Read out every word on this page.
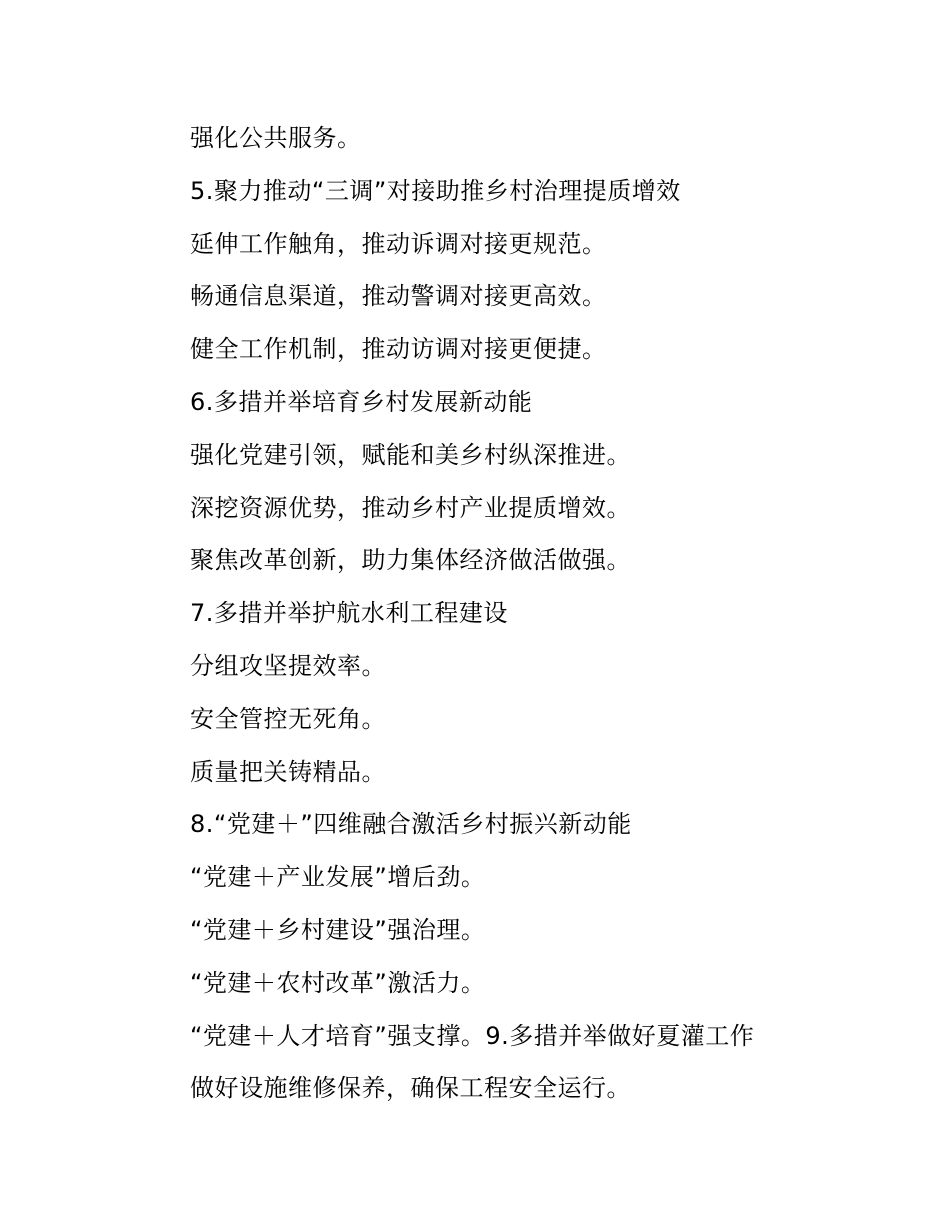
强化公共服务。
5.聚力推动“三调”对接助推乡村治理提质增效
延伸工作触角，推动诉调对接更规范。
畅通信息渠道，推动警调对接更高效。
健全工作机制，推动访调对接更便捷。
6.多措并举培育乡村发展新动能
强化党建引领，赋能和美乡村纵深推进。
深挖资源优势，推动乡村产业提质增效。
聚焦改革创新，助力集体经济做活做强。
7.多措并举护航水利工程建设
分组攻坚提效率。
安全管控无死角。
质量把关铸精品。
8.“党建＋”四维融合激活乡村振兴新动能
“党建＋产业发展”增后劲。
“党建＋乡村建设”强治理。
“党建＋农村改革”激活力。
“党建＋人才培育”强支撑。9.多措并举做好夏灌工作
做好设施维修保养，确保工程安全运行。
